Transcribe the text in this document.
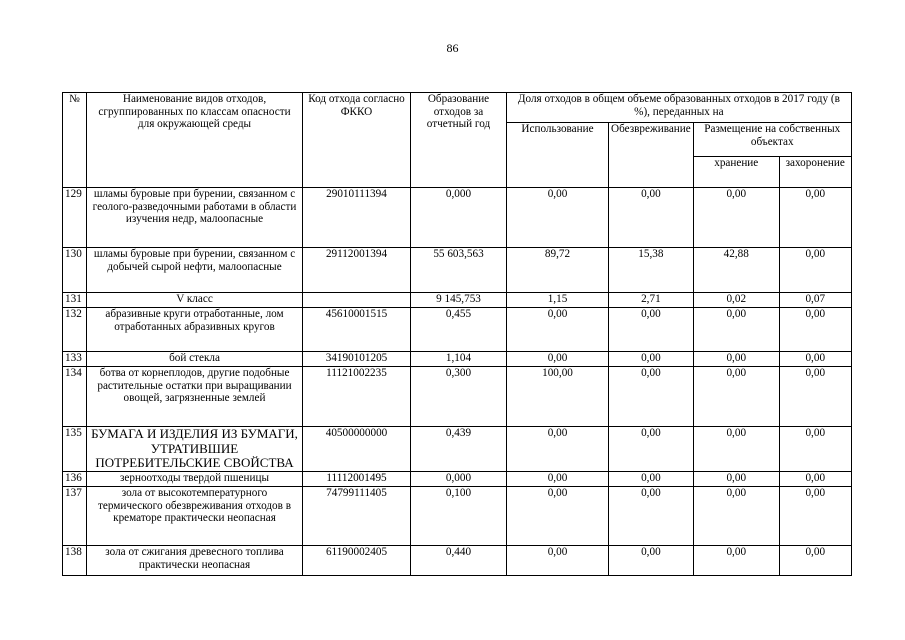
86
№	Наименование видов отходов, сгруппированных по классам опасности для окружающей среды	Код отхода согласно ФККО	Образование отходов за отчетный год	Доля отходов в общем объеме образованных отходов в 2017 году (в %), переданных на			
				Использование	Обезвреживание	Размещение на собственных объектах	
						хранение	захоронение
129	шламы буровые при бурении, связанном с геолого-разведочными работами в области изучения недр, малоопасные	29010111394	0,000	0,00	0,00	0,00	0,00
130	шламы буровые при бурении, связанном с добычей сырой нефти, малоопасные	29112001394	55 603,563	89,72	15,38	42,88	0,00
131	V класс		9 145,753	1,15	2,71	0,02	0,07
132	абразивные круги отработанные, лом отработанных абразивных кругов	45610001515	0,455	0,00	0,00	0,00	0,00
133	бой стекла	34190101205	1,104	0,00	0,00	0,00	0,00
134	ботва от корнеплодов, другие подобные растительные остатки при выращивании овощей, загрязненные землей	11121002235	0,300	100,00	0,00	0,00	0,00
135	БУМАГА И ИЗДЕЛИЯ ИЗ БУМАГИ, УТРАТИВШИЕ ПОТРЕБИТЕЛЬСКИЕ СВОЙСТВА	40500000000	0,439	0,00	0,00	0,00	0,00
136	зерноотходы твердой пшеницы	11112001495	0,000	0,00	0,00	0,00	0,00
137	зола от высокотемпературного термического обезвреживания отходов в крематоре практически неопасная	74799111405	0,100	0,00	0,00	0,00	0,00
138	зола от сжигания древесного топлива практически неопасная	61190002405	0,440	0,00	0,00	0,00	0,00
